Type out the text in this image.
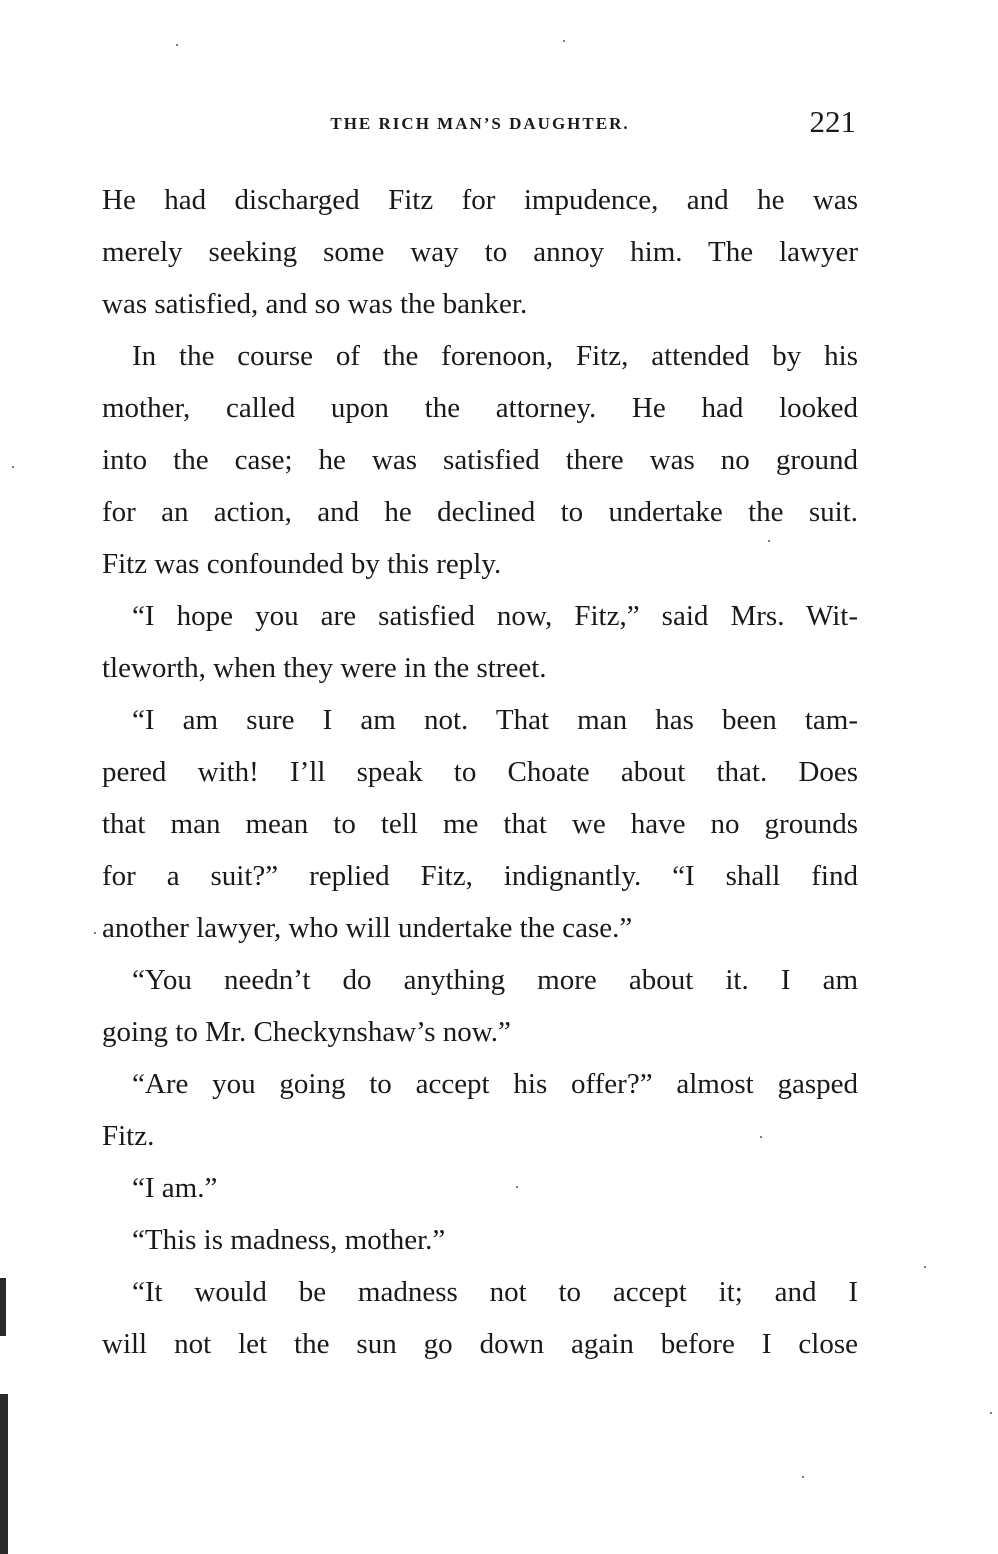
THE RICH MAN’S DAUGHTER.	221
He had discharged Fitz for impudence, and he was
merely seeking some way to annoy him. The lawyer
was satisfied, and so was the banker.
In the course of the forenoon, Fitz, attended by his
mother, called upon the attorney. He had looked
into the case; he was satisfied there was no ground
for an action, and he declined to undertake the suit.
Fitz was confounded by this reply.
“I hope you are satisfied now, Fitz,” said Mrs. Wit-
tleworth, when they were in the street.
“I am sure I am not. That man has been tam-
pered with! I’ll speak to Choate about that. Does
that man mean to tell me that we have no grounds
for a suit?” replied Fitz, indignantly. “I shall find
another lawyer, who will undertake the case.”
“You needn’t do anything more about it. I am
going to Mr. Checkynshaw’s now.”
“Are you going to accept his offer?” almost gasped
Fitz.
“I am.”
“This is madness, mother.”
“It would be madness not to accept it; and I
will not let the sun go down again before I close
